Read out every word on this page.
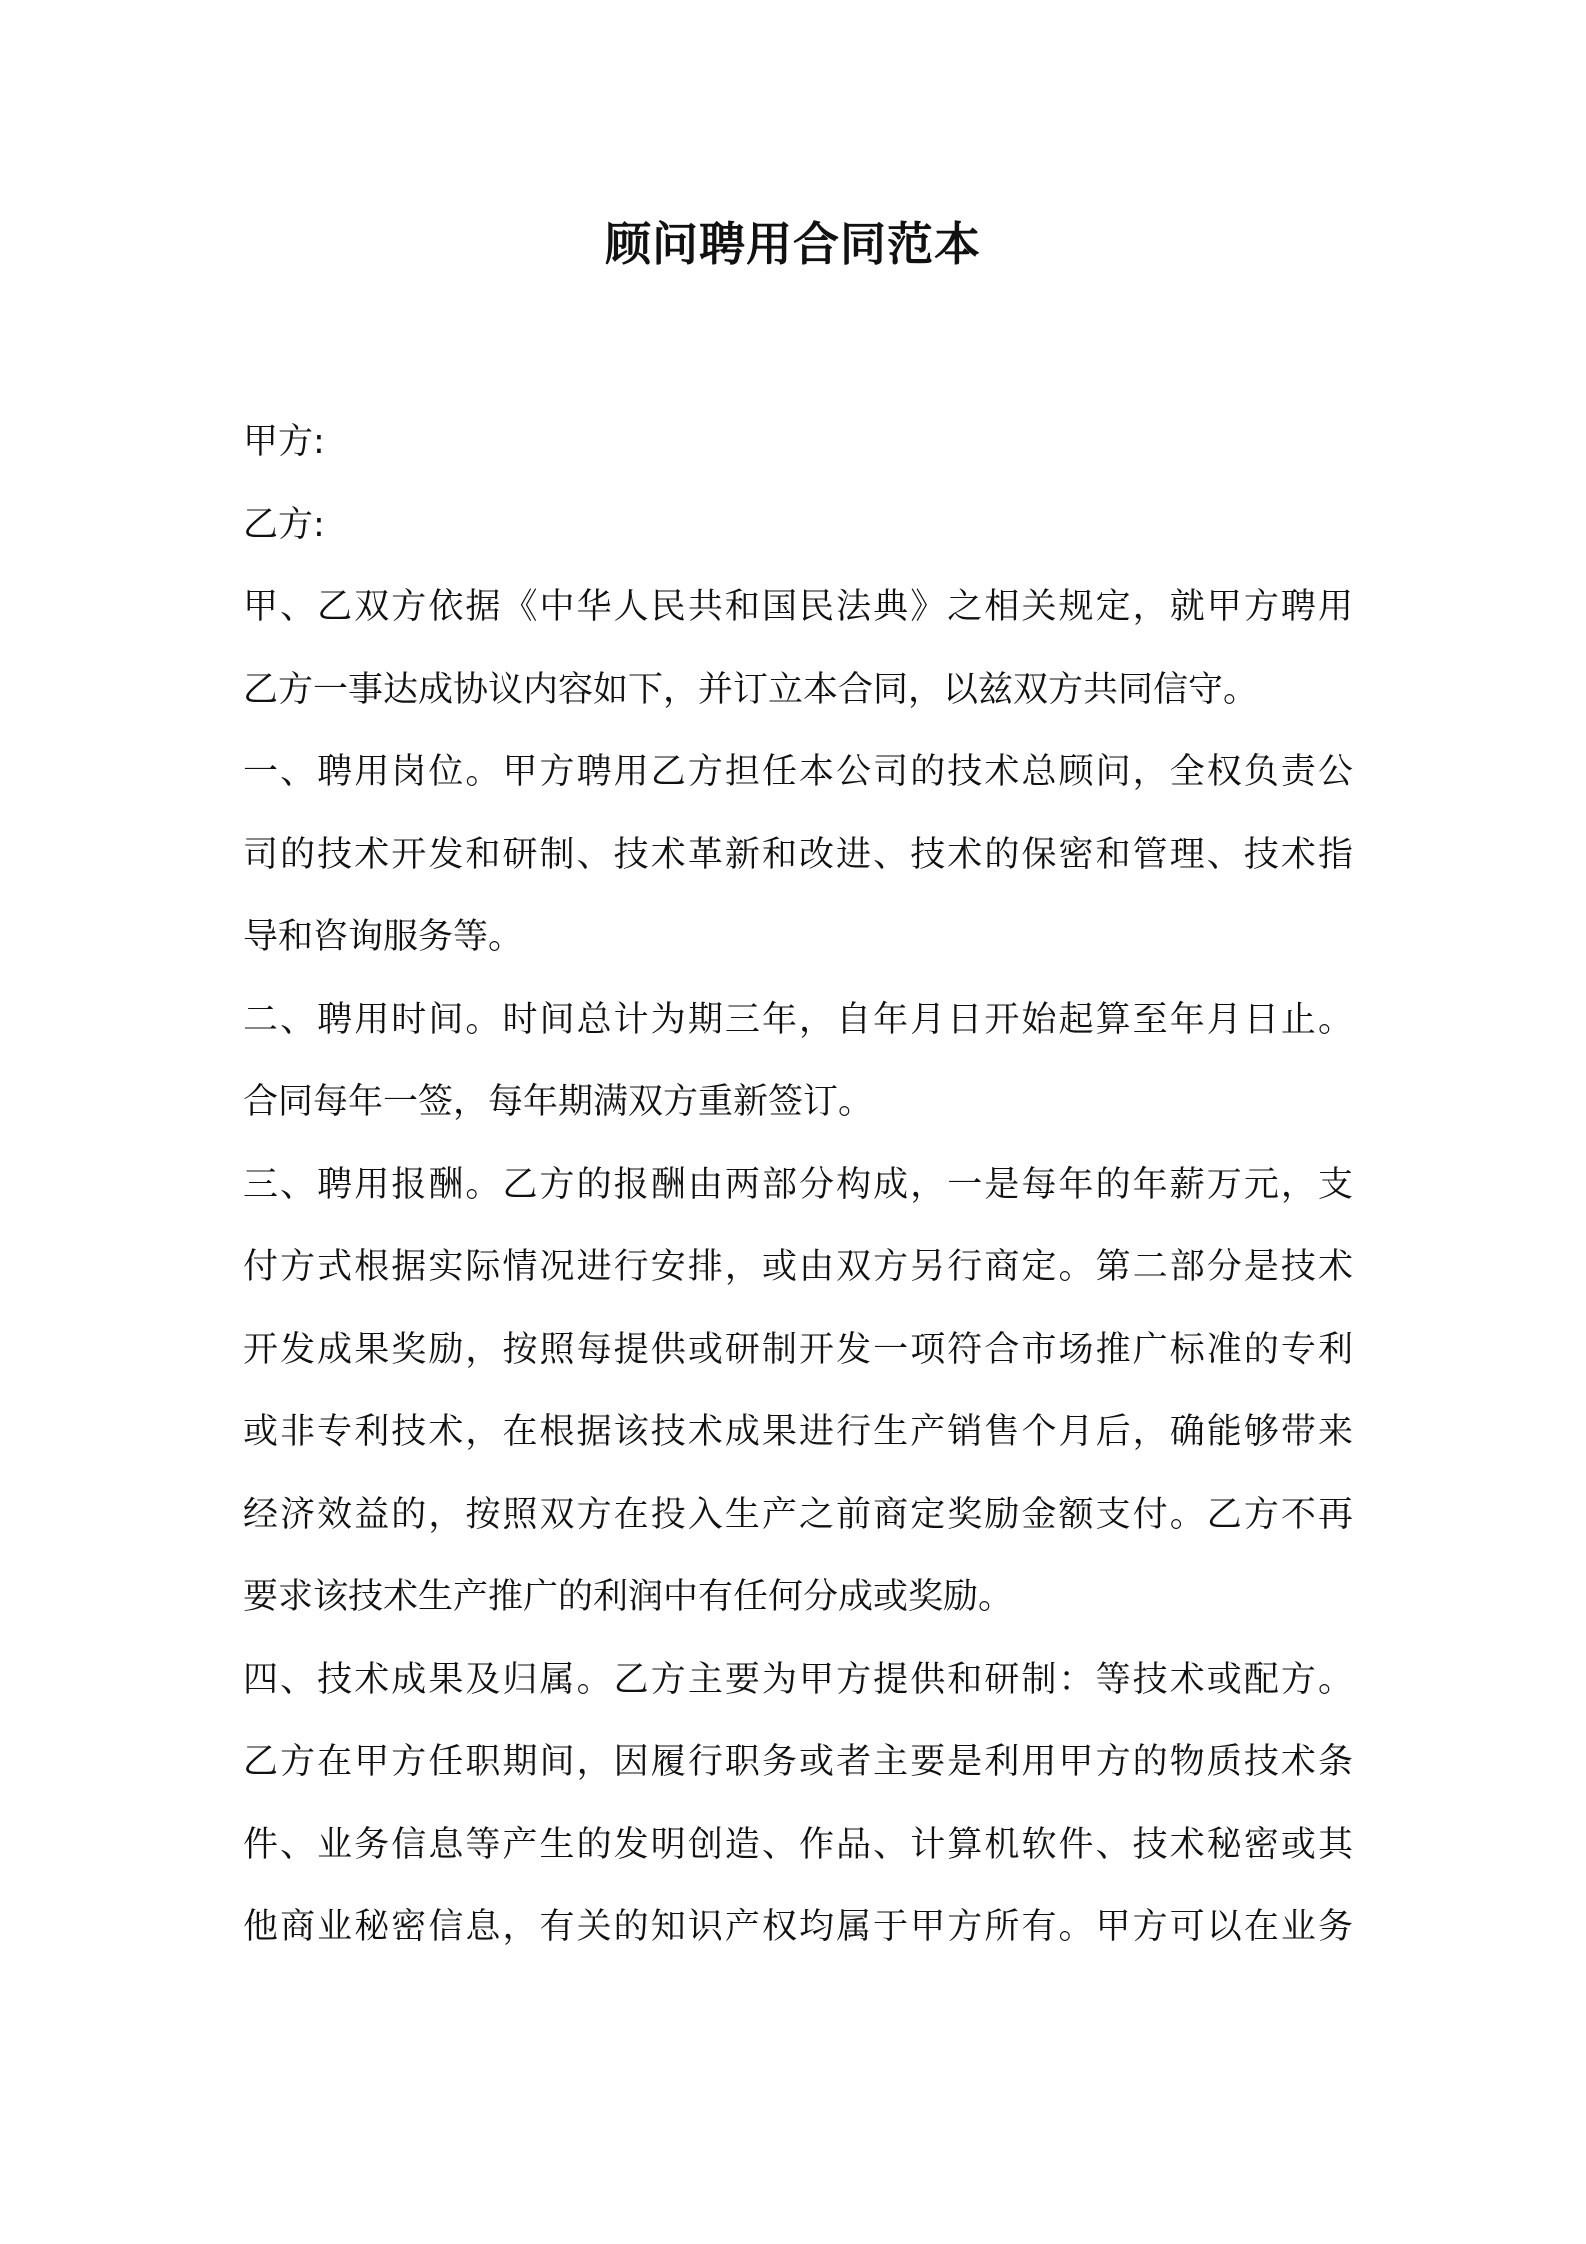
顾问聘用合同范本
甲方:
乙方:
甲、乙双方依据《中华人民共和国民法典》之相关规定，就甲方聘用
乙方一事达成协议内容如下，并订立本合同，以兹双方共同信守。
一、聘用岗位。甲方聘用乙方担任本公司的技术总顾问，全权负责公
司的技术开发和研制、技术革新和改进、技术的保密和管理、技术指
导和咨询服务等。
二、聘用时间。时间总计为期三年，自年月日开始起算至年月日止。
合同每年一签，每年期满双方重新签订。
三、聘用报酬。乙方的报酬由两部分构成，一是每年的年薪万元，支
付方式根据实际情况进行安排，或由双方另行商定。第二部分是技术
开发成果奖励，按照每提供或研制开发一项符合市场推广标准的专利
或非专利技术，在根据该技术成果进行生产销售个月后，确能够带来
经济效益的，按照双方在投入生产之前商定奖励金额支付。乙方不再
要求该技术生产推广的利润中有任何分成或奖励。
四、技术成果及归属。乙方主要为甲方提供和研制：等技术或配方。
乙方在甲方任职期间，因履行职务或者主要是利用甲方的物质技术条
件、业务信息等产生的发明创造、作品、计算机软件、技术秘密或其
他商业秘密信息，有关的知识产权均属于甲方所有。甲方可以在业务
